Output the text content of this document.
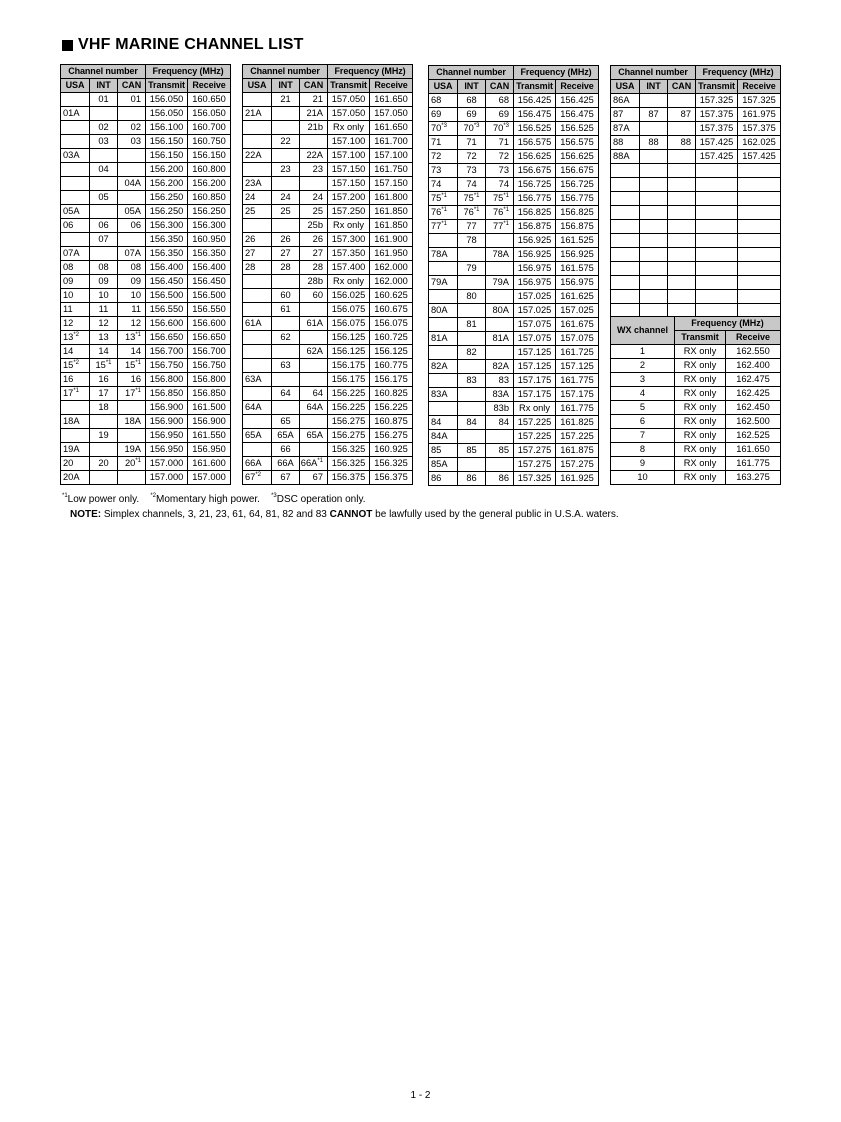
VHF MARINE CHANNEL LIST
Channel number			Frequency (MHz)	
USA	INT	CAN	Transmit	Receive
	01	01	156.050	160.650
01A			156.050	156.050
	02	02	156.100	160.700
	03	03	156.150	160.750
03A			156.150	156.150
	04		156.200	160.800
		04A	156.200	156.200
	05		156.250	160.850
05A		05A	156.250	156.250
06	06	06	156.300	156.300
	07		156.350	160.950
07A		07A	156.350	156.350
08	08	08	156.400	156.400
09	09	09	156.450	156.450
10	10	10	156.500	156.500
11	11	11	156.550	156.550
12	12	12	156.600	156.600
13$^{*2}$	13	13$^{*1}$	156.650	156.650
14	14	14	156.700	156.700
15$^{*2}$	15$^{*1}$	15$^{*1}$	156.750	156.750
16	16	16	156.800	156.800
17$^{*1}$	17	17$^{*1}$	156.850	156.850
	18		156.900	161.500
18A		18A	156.900	156.900
	19		156.950	161.550
19A		19A	156.950	156.950
20	20	20$^{*1}$	157.000	161.600
20A			157.000	157.000
Channel number			Frequency (MHz)	
USA	INT	CAN	Transmit	Receive
	21	21	157.050	161.650
21A		21A	157.050	157.050
		21b	Rx only	161.650
	22		157.100	161.700
22A		22A	157.100	157.100
	23	23	157.150	161.750
23A			157.150	157.150
24	24	24	157.200	161.800
25	25	25	157.250	161.850
		25b	Rx only	161.850
26	26	26	157.300	161.900
27	27	27	157.350	161.950
28	28	28	157.400	162.000
		28b	Rx only	162.000
	60	60	156.025	160.625
	61		156.075	160.675
61A		61A	156.075	156.075
	62		156.125	160.725
		62A	156.125	156.125
	63		156.175	160.775
63A			156.175	156.175
	64	64	156.225	160.825
64A		64A	156.225	156.225
	65		156.275	160.875
65A	65A	65A	156.275	156.275
	66		156.325	160.925
66A	66A	$66A^{*1}$	156.325	156.325
67$^{*2}$	67	67	156.375	156.375
Channel number			Frequency (MHz)	
USA	INT	CAN	Transmit	Receive
68	68	68	156.425	156.425
69	69	69	156.475	156.475
70$^{*3}$	70$^{*3}$	70$^{*3}$	156.525	156.525
71	71	71	156.575	156.575
72	72	72	156.625	156.625
73	73	73	156.675	156.675
74	74	74	156.725	156.725
75$^{*1}$	75$^{*1}$	75$^{*1}$	156.775	156.775
76$^{*1}$	76$^{*1}$	76$^{*1}$	156.825	156.825
77$^{*1}$	77	77$^{*1}$	156.875	156.875
	78		156.925	161.525
78A		78A	156.925	156.925
	79		156.975	161.575
79A		79A	156.975	156.975
	80		157.025	161.625
80A		80A	157.025	157.025
	81		157.075	161.675
81A		81A	157.075	157.075
	82		157.125	161.725
82A		82A	157.125	157.125
	83	83	157.175	161.775
83A		83A	157.175	157.175
		83b	Rx only	161.775
84	84	84	157.225	161.825
84A			157.225	157.225
85	85	85	157.275	161.875
85A			157.275	157.275
86	86	86	157.325	161.925
Channel number			Frequency (MHz)	
USA	INT	CAN	Transmit	Receive
86A			157.325	157.325
87	87	87	157.375	161.975
87A			157.375	157.375
88	88	88	157.425	162.025
88A			157.425	157.425

WX channel	Frequency (MHz)	
	Transmit	Receive
1	RX only	162.550
2	RX only	162.400
3	RX only	162.475
4	RX only	162.425
5	RX only	162.450
6	RX only	162.500
7	RX only	162.525
8	RX only	161.650
9	RX only	161.775
10	RX only	163.275
$^{*1}$Low power only. $^{*2}$Momentary high power. $^{*3}$DSC operation only.
NOTE: Simplex channels, 3, 21, 23, 61, 64, 81, 82 and 83 CANNOT be lawfully used by the general public in U.S.A. waters.
1 - 2
